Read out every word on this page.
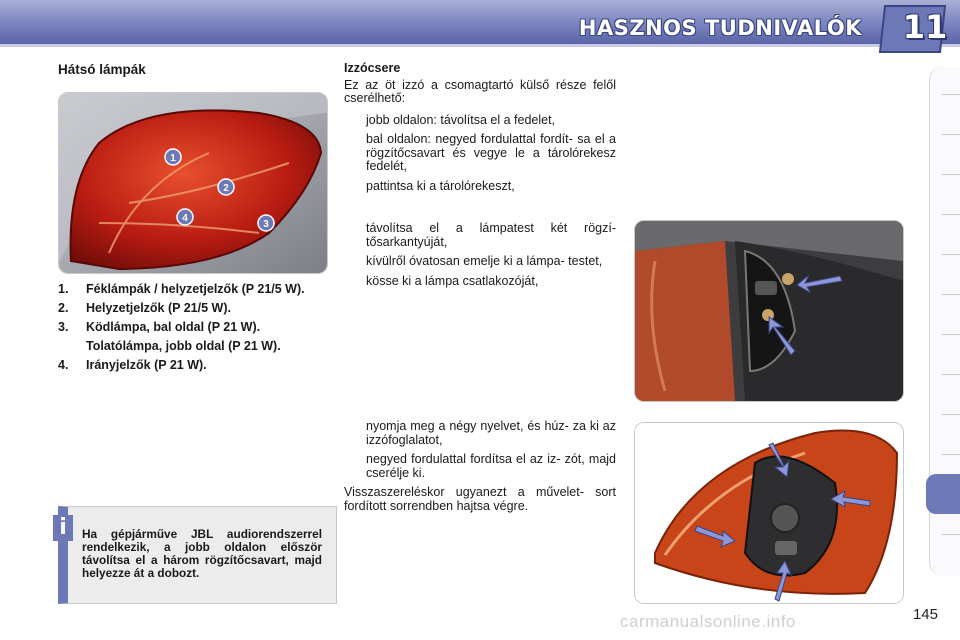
HASZNOS TUDNIVALÓK 11
Hátsó lámpák
1
2
3
4
1.	Féklámpák / helyzetjelzők (P 21/5 W).
2.	Helyzetjelzők (P 21/5 W).
3.	Ködlámpa, bal oldal (P 21 W).
Tolatólámpa, jobb oldal (P 21 W).
4.	Irányjelzők (P 21 W).
i	Ha gépjárműve JBL audiorendszerrel rendelkezik, a jobb oldalon először távolítsa el a három rögzítőcsavart, majd helyezze át a dobozt.
Izzócsere
Ez az öt izzó a csomagtartó külső része felől cserélhető:
jobb oldalon: távolítsa el a fedelet,
bal oldalon: negyed fordulattal fordít- sa el a rögzítőcsavart és vegye le a tárolórekesz fedelét,
pattintsa ki a tárolórekeszt,
távolítsa el a lámpatest két rögzí- tősarkantyúját,
kívülről óvatosan emelje ki a lámpa- testet,
kösse ki a lámpa csatlakozóját,
nyomja meg a négy nyelvet, és húz- za ki az izzófoglalatot,
negyed fordulattal fordítsa el az iz- zót, majd cserélje ki.
Visszaszereléskor ugyanezt a művelet- sort fordított sorrendben hajtsa végre.
carmanualsonline.info	145
